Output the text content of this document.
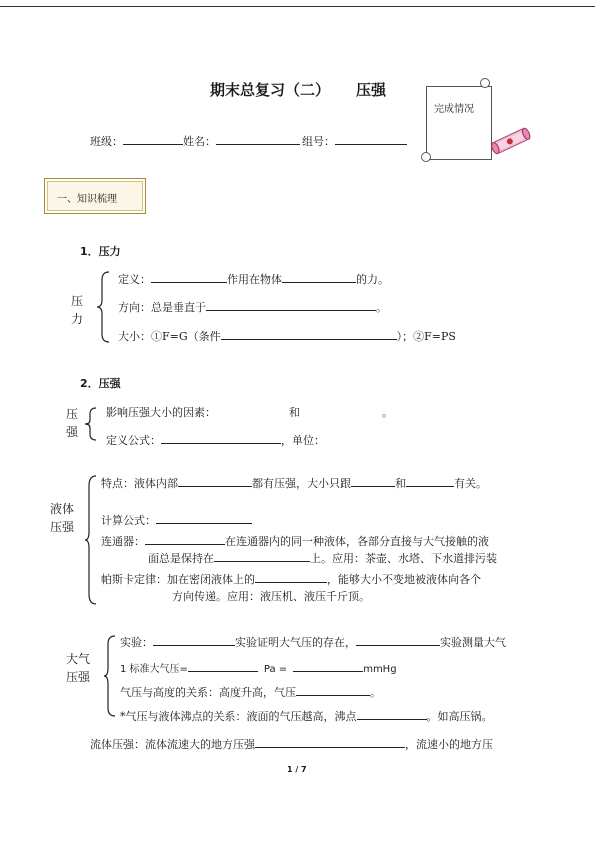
期末总复习（二） 压强
班级：	姓名：	组号：
完成情况
一、知识梳理
1．压力
压
力
定义：	作用在物体	的力。
方向：总是垂直于	。
大小：①F=G（条件	）；②F=PS
2．压强
压
强
影响压强大小的因素：	和	。
定义公式：	，单位：
液体
压强
特点：液体内部	都有压强，大小只跟	和	有关。
计算公式：
连通器：	在连通器内的同一种液体，各部分直接与大气接触的液
面总是保持在	上。应用：茶壶、水塔、下水道排污装
帕斯卡定律：加在密闭液体上的	，能够大小不变地被液体向各个
方向传递。应用：液压机、液压千斤顶。
大气
压强
实验：	实验证明大气压的存在，	实验测量大气
1 标准大气压=	Pa =	mmHg
气压与高度的关系：高度升高，气压	。
*气压与液体沸点的关系：液面的气压越高，沸点	。如高压锅。
流体压强：流体流速大的地方压强	，流速小的地方压
1 / 7
